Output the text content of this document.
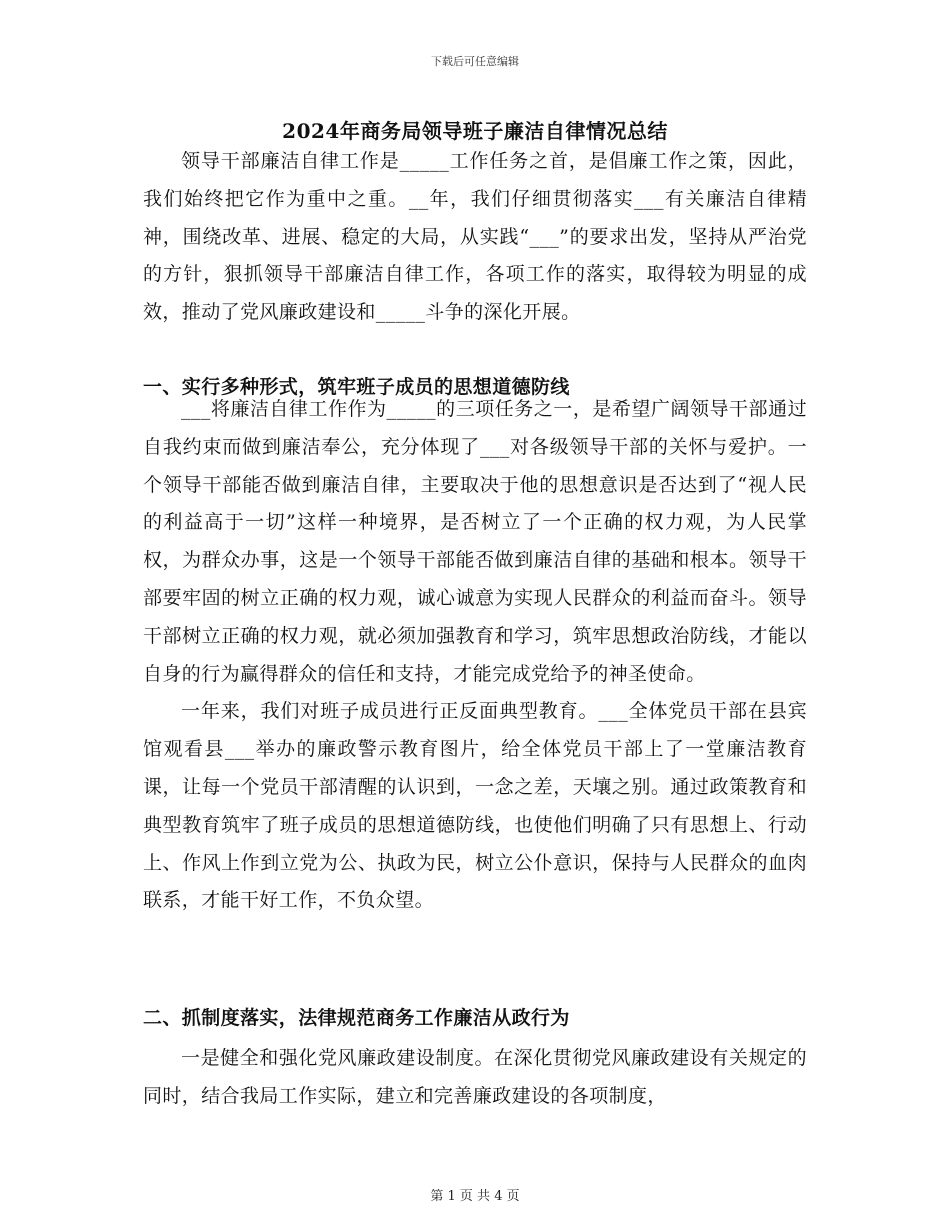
下载后可任意编辑
2024年商务局领导班子廉洁自律情况总结

领导干部廉洁自律工作是_____工作任务之首，是倡廉工作之策，因此，我们始终把它作为重中之重。__年，我们仔细贯彻落实___有关廉洁自律精神，围绕改革、进展、稳定的大局，从实践“___”的要求出发，坚持从严治党的方针，狠抓领导干部廉洁自律工作，各项工作的落实，取得较为明显的成效，推动了党风廉政建设和_____斗争的深化开展。

一、实行多种形式，筑牢班子成员的思想道德防线

___将廉洁自律工作作为_____的三项任务之一，是希望广阔领导干部通过自我约束而做到廉洁奉公，充分体现了___对各级领导干部的关怀与爱护。一个领导干部能否做到廉洁自律，主要取决于他的思想意识是否达到了“视人民的利益高于一切”这样一种境界，是否树立了一个正确的权力观，为人民掌权，为群众办事，这是一个领导干部能否做到廉洁自律的基础和根本。领导干部要牢固的树立正确的权力观，诚心诚意为实现人民群众的利益而奋斗。领导干部树立正确的权力观，就必须加强教育和学习，筑牢思想政治防线，才能以自身的行为赢得群众的信任和支持，才能完成党给予的神圣使命。

一年来，我们对班子成员进行正反面典型教育。___全体党员干部在县宾馆观看县___举办的廉政警示教育图片，给全体党员干部上了一堂廉洁教育课，让每一个党员干部清醒的认识到，一念之差，天壤之别。通过政策教育和典型教育筑牢了班子成员的思想道德防线，也使他们明确了只有思想上、行动上、作风上作到立党为公、执政为民，树立公仆意识，保持与人民群众的血肉联系，才能干好工作，不负众望。

二、抓制度落实，法律规范商务工作廉洁从政行为

一是健全和强化党风廉政建设制度。在深化贯彻党风廉政建设有关规定的同时，结合我局工作实际，建立和完善廉政建设的各项制度，

第 1 页 共 4 页
